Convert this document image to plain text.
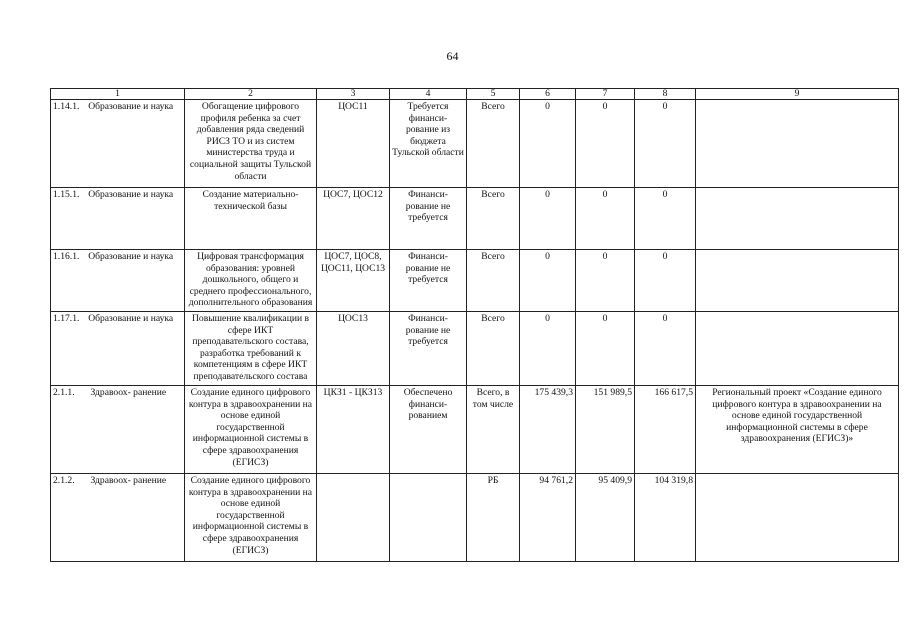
64
1	2	3	4	5	6	7	8	9

1.14.1. Образование и наука	Обогащение цифрового профиля ребенка за счет добавления ряда сведений РИСЗ ТО и из систем министерства труда и социальной защиты Тульской области	ЦОС11	Требуется финанси- рование из бюджета Тульской области	Всего	0	0	0	

1.15.1. Образование и наука	Создание материально- технической базы	ЦОС7, ЦОС12	Финанси- рование не требуется	Всего	0	0	0	

1.16.1. Образование и наука	Цифровая трансформация образования: уровней дошкольного, общего и среднего профессионального, дополнительного образования	ЦОС7, ЦОС8, ЦОС11, ЦОС13	Финанси- рование не требуется	Всего	0	0	0	

1.17.1. Образование и наука	Повышение квалификации в сфере ИКТ преподавательского состава, разработка требований к компетенциям в сфере ИКТ преподавательского состава	ЦОС13	Финанси- рование не требуется	Всего	0	0	0	

2.1.1. Здравоох- ранение	Создание единого цифрового контура в здравоохранении на основе единой государственной информационной системы в сфере здравоохранения (ЕГИСЗ)	ЦКЗ1 - ЦКЗ13	Обеспечено финанси- рованием	Всего, в том числе	175 439,3	151 989,5	166 617,5	Региональный проект «Создание единого цифрового контура в здравоохранении на основе единой государственной информационной системы в сфере здравоохранения (ЕГИСЗ)»

2.1.2. Здравоох- ранение	Создание единого цифрового контура в здравоохранении на основе единой государственной информационной системы в сфере здравоохранения (ЕГИСЗ)			РБ	94 761,2	95 409,9	104 319,8	
